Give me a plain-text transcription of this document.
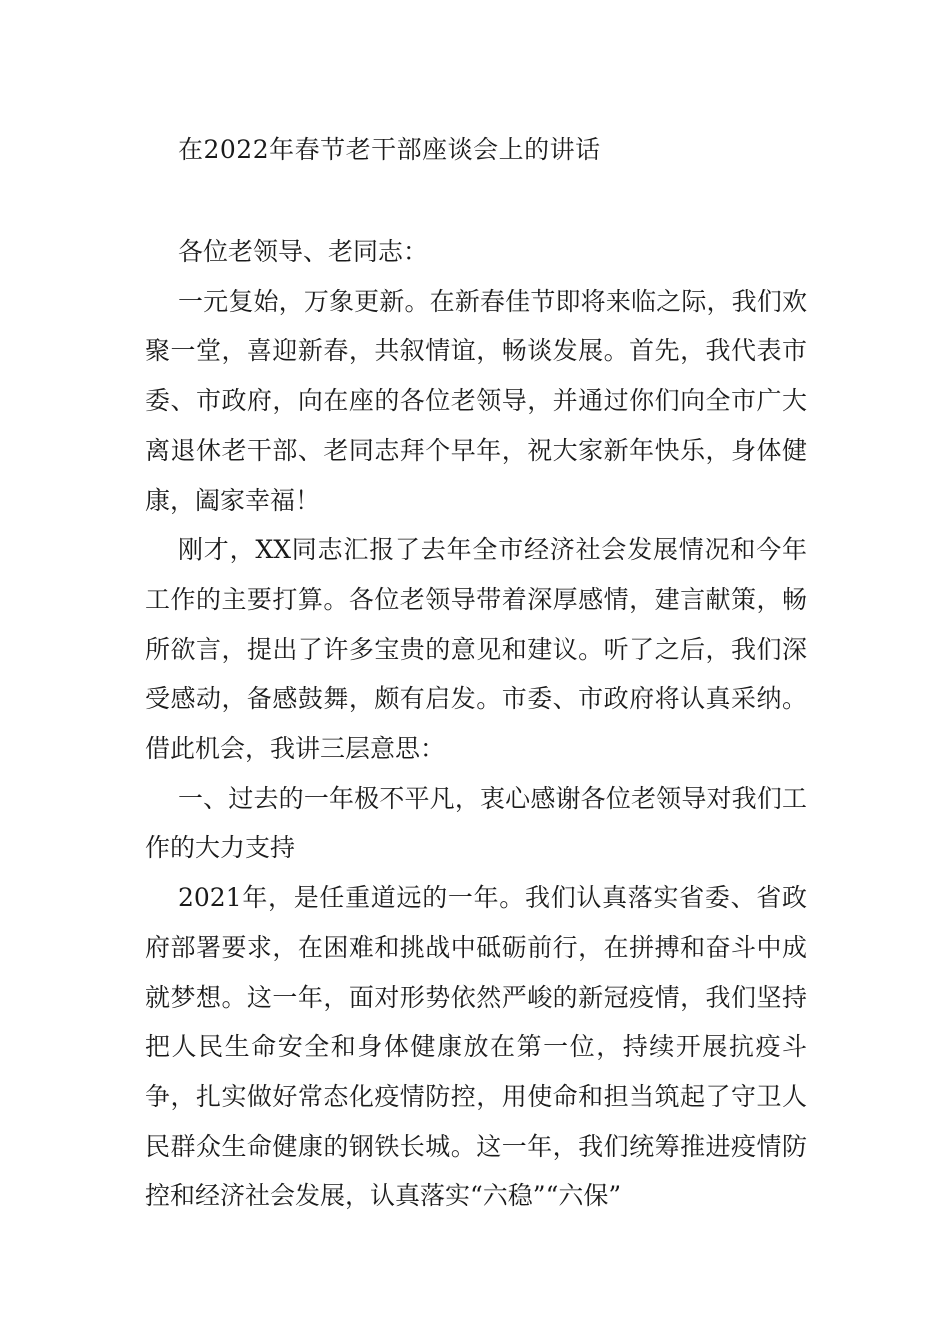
在2022年春节老干部座谈会上的讲话

各位老领导、老同志：

一元复始，万象更新。在新春佳节即将来临之际，我们欢聚一堂，喜迎新春，共叙情谊，畅谈发展。首先，我代表市委、市政府，向在座的各位老领导，并通过你们向全市广大离退休老干部、老同志拜个早年，祝大家新年快乐，身体健康，阖家幸福！

刚才，XX同志汇报了去年全市经济社会发展情况和今年工作的主要打算。各位老领导带着深厚感情，建言献策，畅所欲言，提出了许多宝贵的意见和建议。听了之后，我们深受感动，备感鼓舞，颇有启发。市委、市政府将认真采纳。借此机会，我讲三层意思：

一、过去的一年极不平凡，衷心感谢各位老领导对我们工作的大力支持

2021年，是任重道远的一年。我们认真落实省委、省政府部署要求，在困难和挑战中砥砺前行，在拼搏和奋斗中成就梦想。这一年，面对形势依然严峻的新冠疫情，我们坚持把人民生命安全和身体健康放在第一位，持续开展抗疫斗争，扎实做好常态化疫情防控，用使命和担当筑起了守卫人民群众生命健康的钢铁长城。这一年，我们统筹推进疫情防控和经济社会发展，认真落实“六稳”“六保”
